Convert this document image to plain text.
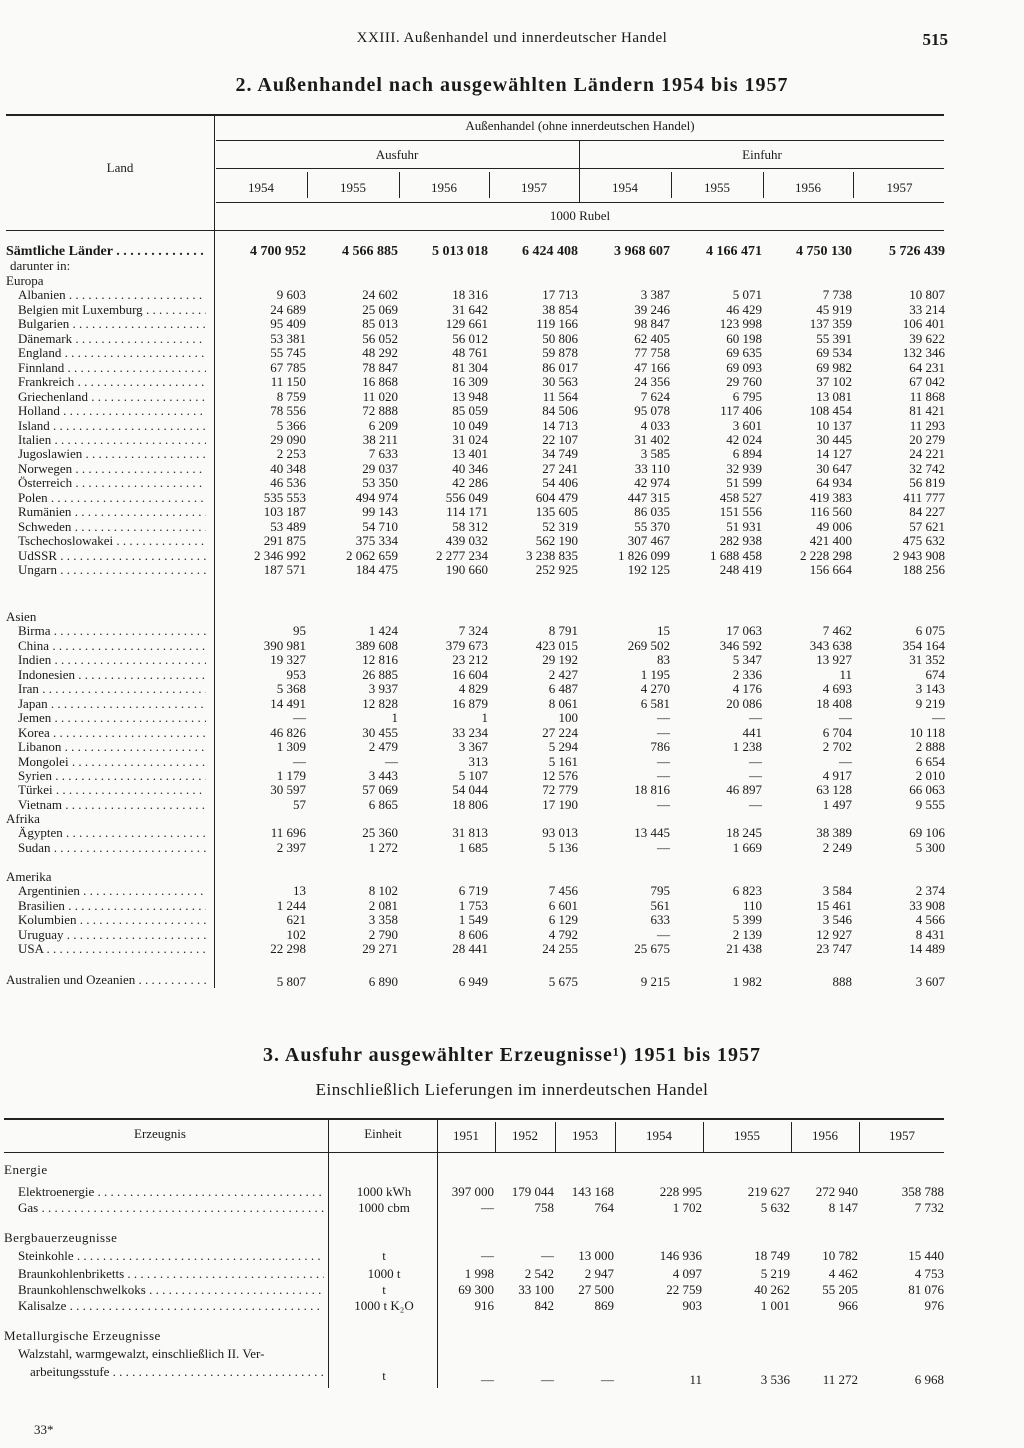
XXIII. Außenhandel und innerdeutscher Handel	515
2. Außenhandel nach ausgewählten Ländern 1954 bis 1957
Land
Außenhandel (ohne innerdeutschen Handel)
Ausfuhr	Einfuhr
1954	1955	1956	1957	1954	1955	1956	1957
1000 Rubel
Sämtliche Länder . . .	4 700 952	4 566 885	5 013 018	6 424 408	3 968 607	4 166 471	4 750 130	5 726 439
darunter in:
Europa
Albanien . . .	9 603	24 602	18 316	17 713	3 387	5 071	7 738	10 807
Belgien mit Luxemburg . . .	24 689	25 069	31 642	38 854	39 246	46 429	45 919	33 214
Bulgarien . . .	95 409	85 013	129 661	119 166	98 847	123 998	137 359	106 401
Dänemark . . .	53 381	56 052	56 012	50 806	62 405	60 198	55 391	39 622
England . . .	55 745	48 292	48 761	59 878	77 758	69 635	69 534	132 346
Finnland . . .	67 785	78 847	81 304	86 017	47 166	69 093	69 982	64 231
Frankreich . . .	11 150	16 868	16 309	30 563	24 356	29 760	37 102	67 042
Griechenland . . .	8 759	11 020	13 948	11 564	7 624	6 795	13 081	11 868
Holland . . .	78 556	72 888	85 059	84 506	95 078	117 406	108 454	81 421
Island . . .	5 366	6 209	10 049	14 713	4 033	3 601	10 137	11 293
Italien . . .	29 090	38 211	31 024	22 107	31 402	42 024	30 445	20 279
Jugoslawien . . .	2 253	7 633	13 401	34 749	3 585	6 894	14 127	24 221
Norwegen . . .	40 348	29 037	40 346	27 241	33 110	32 939	30 647	32 742
Österreich . . .	46 536	53 350	42 286	54 406	42 974	51 599	64 934	56 819
Polen . . .	535 553	494 974	556 049	604 479	447 315	458 527	419 383	411 777
Rumänien . . .	103 187	99 143	114 171	135 605	86 035	151 556	116 560	84 227
Schweden . . .	53 489	54 710	58 312	52 319	55 370	51 931	49 006	57 621
Tschechoslowakei . . .	291 875	375 334	439 032	562 190	307 467	282 938	421 400	475 632
UdSSR . . .	2 346 992	2 062 659	2 277 234	3 238 835	1 826 099	1 688 458	2 228 298	2 943 908
Ungarn . . .	187 571	184 475	190 660	252 925	192 125	248 419	156 664	188 256
Asien
Birma . . .	95	1 424	7 324	8 791	15	17 063	7 462	6 075
China . . .	390 981	389 608	379 673	423 015	269 502	346 592	343 638	354 164
Indien . . .	19 327	12 816	23 212	29 192	83	5 347	13 927	31 352
Indonesien . . .	953	26 885	16 604	2 427	1 195	2 336	11	674
Iran . . .	5 368	3 937	4 829	6 487	4 270	4 176	4 693	3 143
Japan . . .	14 491	12 828	16 879	8 061	6 581	20 086	18 408	9 219
Jemen . . .	—	1	1	100	—	—	—	—
Korea . . .	46 826	30 455	33 234	27 224	—	441	6 704	10 118
Libanon . . .	1 309	2 479	3 367	5 294	786	1 238	2 702	2 888
Mongolei . . .	—	—	313	5 161	—	—	—	6 654
Syrien . . .	1 179	3 443	5 107	12 576	—	—	4 917	2 010
Türkei . . .	30 597	57 069	54 044	72 779	18 816	46 897	63 128	66 063
Vietnam . . .	57	6 865	18 806	17 190	—	—	1 497	9 555
Afrika
Ägypten . . .	11 696	25 360	31 813	93 013	13 445	18 245	38 389	69 106
Sudan . . .	2 397	1 272	1 685	5 136	—	1 669	2 249	5 300
Amerika
Argentinien . . .	13	8 102	6 719	7 456	795	6 823	3 584	2 374
Brasilien . . .	1 244	2 081	1 753	6 601	561	110	15 461	33 908
Kolumbien . . .	621	3 358	1 549	6 129	633	5 399	3 546	4 566
Uruguay . . .	102	2 790	8 606	4 792	—	2 139	12 927	8 431
USA . . .	22 298	29 271	28 441	24 255	25 675	21 438	23 747	14 489
Australien und Ozeanien . . .	5 807	6 890	6 949	5 675	9 215	1 982	888	3 607
3. Ausfuhr ausgewählter Erzeugnisse¹) 1951 bis 1957
Einschließlich Lieferungen im innerdeutschen Handel
Erzeugnis	Einheit	1951	1952	1953	1954	1955	1956	1957
Energie
Elektroenergie . . .	1000 kWh	397 000	179 044	143 168	228 995	219 627	272 940	358 788
Gas . . .	1000 cbm	—	758	764	1 702	5 632	8 147	7 732
Bergbauerzeugnisse
Steinkohle . . .	t	—	—	13 000	146 936	18 749	10 782	15 440
Braunkohlenbriketts . . .	1000 t	1 998	2 542	2 947	4 097	5 219	4 462	4 753
Braunkohlenschwelkoks . . .	t	69 300	33 100	27 500	22 759	40 262	55 205	81 076
Kalisalze . . .	1000 t K₂O	916	842	869	903	1 001	966	976
Metallurgische Erzeugnisse
Walzstahl, warmgewalzt, einschließlich II. Ver-
arbeitungsstufe . . .	t	—	—	—	11	3 536	11 272	6 968
33*
